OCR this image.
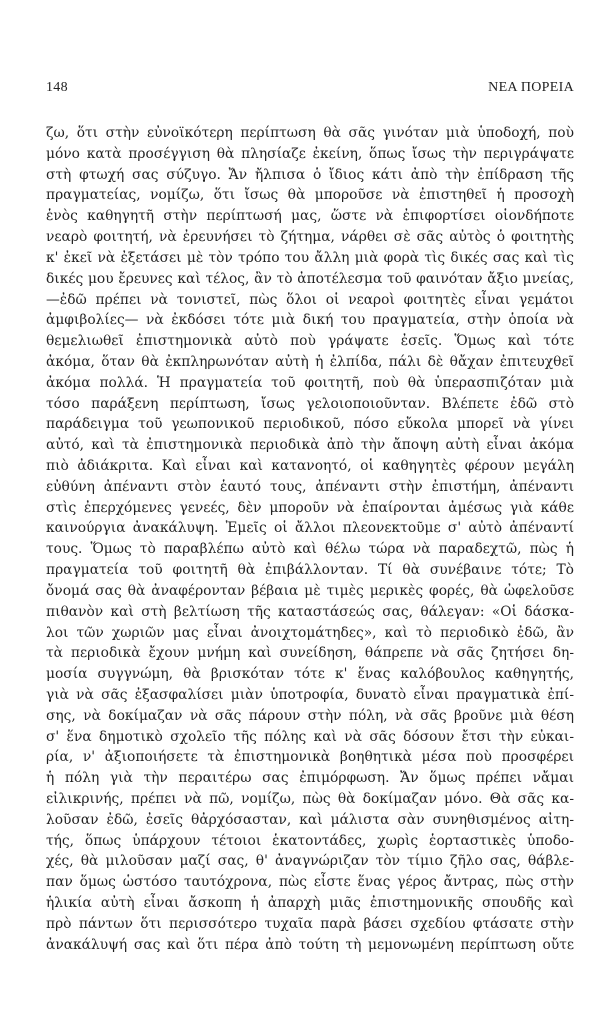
148	ΝΕΑ ΠΟΡΕΙΑ
ζω, ὅτι στὴν εὐνοϊκότερη περίπτωση θὰ σᾶς γινόταν μιὰ ὑποδοχή, ποὺ
μόνο κατὰ προσέγγιση θὰ πλησίαζε ἐκείνη, ὅπως ἴσως τὴν περιγράψατε
στὴ φτωχή σας σύζυγο. Ἄν ἤλπισα ὁ ἴδιος κάτι ἀπὸ τὴν ἐπίδραση τῆς
πραγματείας, νομίζω, ὅτι ἴσως θὰ μποροῦσε νὰ ἐπιστηθεῖ ἡ προσοχὴ
ἑνὸς καθηγητῆ στὴν περίπτωσή μας, ὥστε νὰ ἐπιφορτίσει οἱονδήποτε
νεαρὸ φοιτητή, νὰ ἐρευνήσει τὸ ζήτημα, νάρθει σὲ σᾶς αὐτὸς ὁ φοιτητὴς
κ' ἐκεῖ νὰ ἐξετάσει μὲ τὸν τρόπο του ἄλλη μιὰ φορὰ τὶς δικές σας καὶ τὶς
δικές μου ἔρευνες καὶ τέλος, ἂν τὸ ἀποτέλεσμα τοῦ φαινόταν ἄξιο μνείας,
—ἐδῶ πρέπει νὰ τονιστεῖ, πὼς ὅλοι οἱ νεαροὶ φοιτητὲς εἶναι γεμάτοι
ἀμφιβολίες— νὰ ἐκδόσει τότε μιὰ δική του πραγματεία, στὴν ὁποία νὰ
θεμελιωθεῖ ἐπιστημονικὰ αὐτὸ ποὺ γράψατε ἐσεῖς. Ὅμως καὶ τότε
ἀκόμα, ὅταν θὰ ἐκπληρωνόταν αὐτὴ ἡ ἐλπίδα, πάλι δὲ θἄχαν ἐπιτευχθεῖ
ἀκόμα πολλά. Ἡ πραγματεία τοῦ φοιτητῆ, ποὺ θὰ ὑπερασπιζόταν μιὰ
τόσο παράξενη περίπτωση, ἴσως γελοιοποιοῦνταν. Βλέπετε ἐδῶ στὸ
παράδειγμα τοῦ γεωπονικοῦ περιοδικοῦ, πόσο εὔκολα μπορεῖ νὰ γίνει
αὐτό, καὶ τὰ ἐπιστημονικὰ περιοδικὰ ἀπὸ τὴν ἄποψη αὐτὴ εἶναι ἀκόμα
πιὸ ἀδιάκριτα. Καὶ εἶναι καὶ κατανοητό, οἱ καθηγητὲς φέρουν μεγάλη
εὐθύνη ἀπέναντι στὸν ἑαυτό τους, ἀπέναντι στὴν ἐπιστήμη, ἀπέναντι
στὶς ἐπερχόμενες γενεές, δὲν μποροῦν νὰ ἐπαίρονται ἀμέσως γιὰ κάθε
καινούργια ἀνακάλυψη. Ἐμεῖς οἱ ἄλλοι πλεονεκτοῦμε σ' αὐτὸ ἀπέναντί
τους. Ὅμως τὸ παραβλέπω αὐτὸ καὶ θέλω τώρα νὰ παραδεχτῶ, πὼς ἡ
πραγματεία τοῦ φοιτητῆ θὰ ἐπιβάλλονταν. Τί θὰ συνέβαινε τότε; Τὸ
ὄνομά σας θὰ ἀναφέρονταν βέβαια μὲ τιμὲς μερικὲς φορές, θὰ ὠφελοῦσε
πιθανὸν καὶ στὴ βελτίωση τῆς καταστάσεώς σας, θάλεγαν: «Οἱ δάσκα-
λοι τῶν χωριῶν μας εἶναι ἀνοιχτομάτηδες», καὶ τὸ περιοδικὸ ἐδῶ, ἂν
τὰ περιοδικὰ ἔχουν μνήμη καὶ συνείδηση, θάπρεπε νὰ σᾶς ζητήσει δη-
μοσία συγγνώμη, θὰ βρισκόταν τότε κ' ἕνας καλόβουλος καθηγητής,
γιὰ νὰ σᾶς ἐξασφαλίσει μιὰν ὑποτροφία, δυνατὸ εἶναι πραγματικὰ ἐπί-
σης, νὰ δοκίμαζαν νὰ σᾶς πάρουν στὴν πόλη, νὰ σᾶς βροῦνε μιὰ θέση
σ' ἕνα δημοτικὸ σχολεῖο τῆς πόλης καὶ νὰ σᾶς δόσουν ἔτσι τὴν εὐκαι-
ρία, ν' ἀξιοποιήσετε τὰ ἐπιστημονικὰ βοηθητικὰ μέσα ποὺ προσφέρει
ἡ πόλη γιὰ τὴν περαιτέρω σας ἐπιμόρφωση. Ἄν ὅμως πρέπει νἄμαι
εἰλικρινής, πρέπει νὰ πῶ, νομίζω, πὼς θὰ δοκίμαζαν μόνο. Θὰ σᾶς κα-
λοῦσαν ἐδῶ, ἐσεῖς θἀρχόσασταν, καὶ μάλιστα σὰν συνηθισμένος αἰτη-
τής, ὅπως ὑπάρχουν τέτοιοι ἑκατοντάδες, χωρὶς ἑορταστικὲς ὑποδο-
χές, θὰ μιλοῦσαν μαζί σας, θ' ἀναγνώριζαν τὸν τίμιο ζῆλο σας, θάβλε-
παν ὅμως ὡστόσο ταυτόχρονα, πὼς εἶστε ἕνας γέρος ἄντρας, πὼς στὴν
ἡλικία αὐτὴ εἶναι ἄσκοπη ἡ ἀπαρχὴ μιᾶς ἐπιστημονικῆς σπουδῆς καὶ
πρὸ πάντων ὅτι περισσότερο τυχαῖα παρὰ βάσει σχεδίου φτάσατε στὴν
ἀνακάλυψή σας καὶ ὅτι πέρα ἀπὸ τούτη τὴ μεμονωμένη περίπτωση οὔτε
